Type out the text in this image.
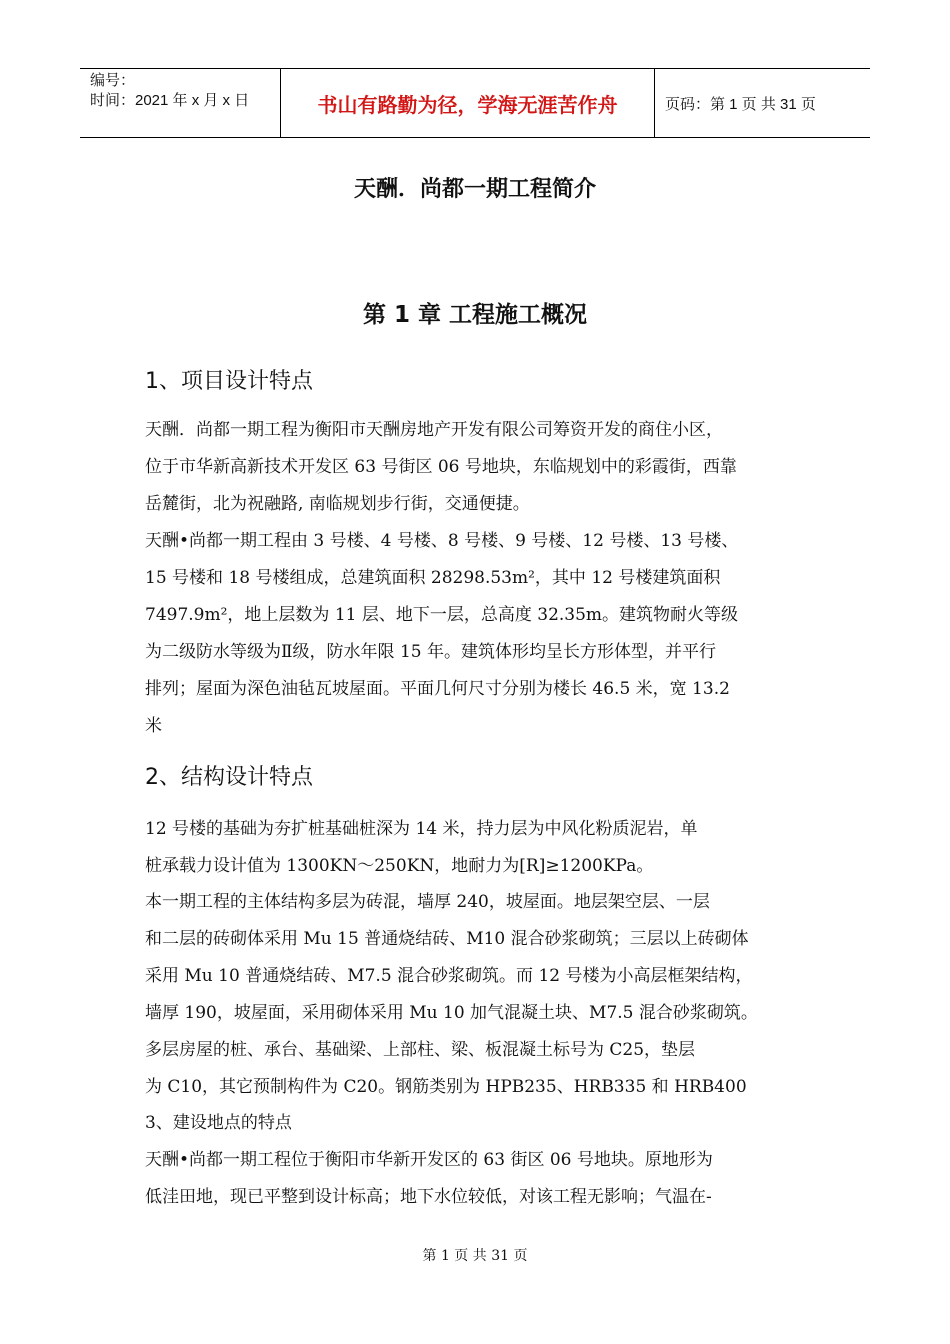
编号：
时间：2021 年 x 月 x 日	书山有路勤为径，学海无涯苦作舟	页码：第 1 页 共 31 页
天酬．尚都一期工程简介
第 1 章 工程施工概况
1、项目设计特点
天酬．尚都一期工程为衡阳市天酬房地产开发有限公司筹资开发的商住小区，
位于市华新高新技术开发区 63 号街区 06 号地块，东临规划中的彩霞街，西靠
岳麓街，北为祝融路, 南临规划步行街，交通便捷。
天酬•尚都一期工程由 3 号楼、4 号楼、8 号楼、9 号楼、12 号楼、13 号楼、
15 号楼和 18 号楼组成，总建筑面积 28298.53m²，其中 12 号楼建筑面积
7497.9m²，地上层数为 11 层、地下一层，总高度 32.35m。建筑物耐火等级
为二级防水等级为Ⅱ级，防水年限 15 年。建筑体形均呈长方形体型，并平行
排列；屋面为深色油毡瓦坡屋面。平面几何尺寸分别为楼长 46.5 米，宽 13.2
米
2、结构设计特点
12 号楼的基础为夯扩桩基础桩深为 14 米，持力层为中风化粉质泥岩，单
桩承载力设计值为 1300KN～250KN，地耐力为[R]≥1200KPa。
本一期工程的主体结构多层为砖混，墙厚 240，坡屋面。地层架空层、一层
和二层的砖砌体采用 Mu 15 普通烧结砖、M10 混合砂浆砌筑；三层以上砖砌体
采用 Mu 10 普通烧结砖、M7.5 混合砂浆砌筑。而 12 号楼为小高层框架结构，
墙厚 190，坡屋面，采用砌体采用 Mu 10 加气混凝土块、M7.5 混合砂浆砌筑。
多层房屋的桩、承台、基础梁、上部柱、梁、板混凝土标号为 C25，垫层
为 C10，其它预制构件为 C20。钢筋类别为 HPB235、HRB335 和 HRB400
3、建设地点的特点
天酬•尚都一期工程位于衡阳市华新开发区的 63 街区 06 号地块。原地形为
低洼田地，现已平整到设计标高；地下水位较低，对该工程无影响；气温在-
第 1 页 共 31 页
